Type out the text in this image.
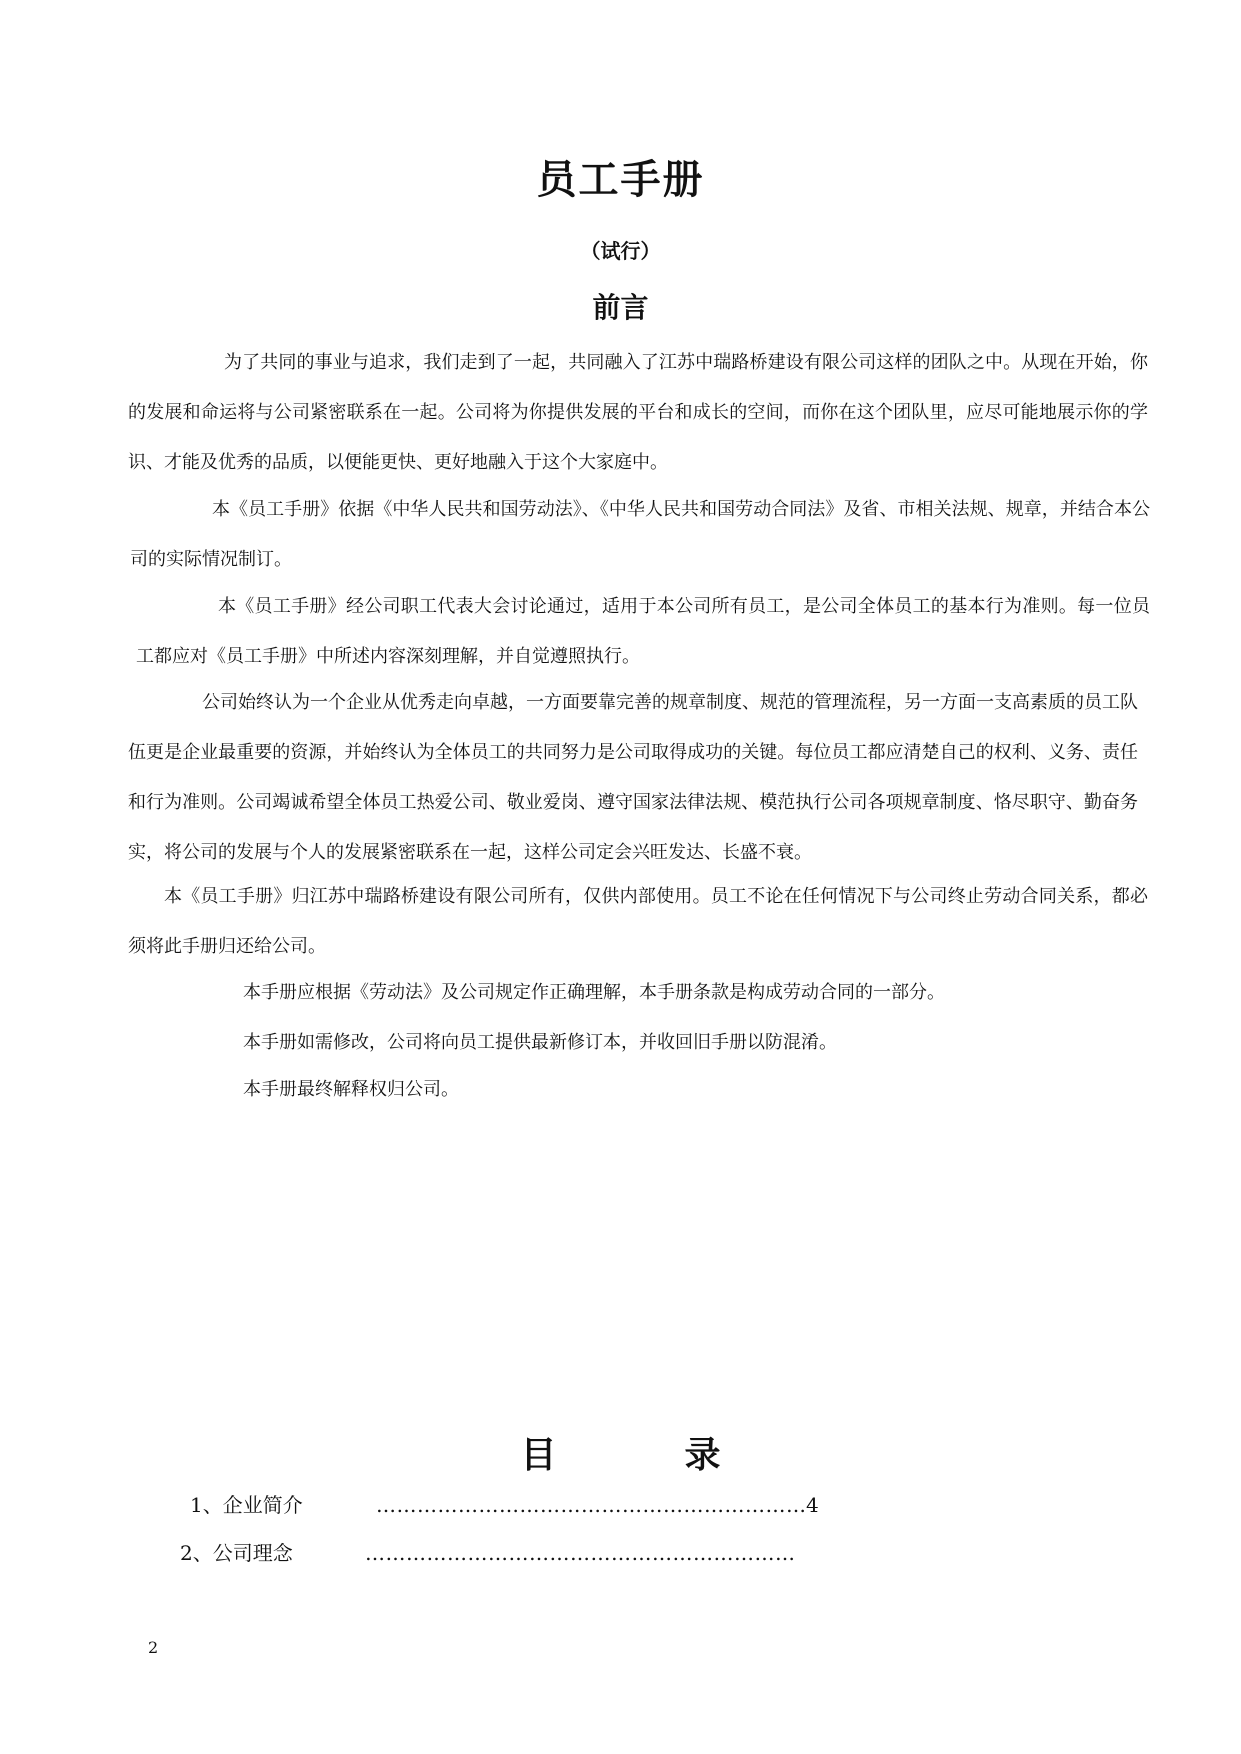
员工手册
（试行）
前言

为了共同的事业与追求，我们走到了一起，共同融入了江苏中瑞路桥建设有限公司这样的团队之中。从现在开始，你的发展和命运将与公司紧密联系在一起。公司将为你提供发展的平台和成长的空间，而你在这个团队里，应尽可能地展示你的学识、才能及优秀的品质，以便能更快、更好地融入于这个大家庭中。

本《员工手册》依据《中华人民共和国劳动法》、《中华人民共和国劳动合同法》及省、市相关法规、规章，并结合本公司的实际情况制订。

本《员工手册》经公司职工代表大会讨论通过，适用于本公司所有员工，是公司全体员工的基本行为准则。每一位员工都应对《员工手册》中所述内容深刻理解，并自觉遵照执行。

公司始终认为一个企业从优秀走向卓越，一方面要靠完善的规章制度、规范的管理流程，另一方面一支高素质的员工队伍更是企业最重要的资源，并始终认为全体员工的共同努力是公司取得成功的关键。每位员工都应清楚自己的权利、义务、责任和行为准则。公司竭诚希望全体员工热爱公司、敬业爱岗、遵守国家法律法规、模范执行公司各项规章制度、恪尽职守、勤奋务实，将公司的发展与个人的发展紧密联系在一起，这样公司定会兴旺发达、长盛不衰。

本《员工手册》归江苏中瑞路桥建设有限公司所有，仅供内部使用。员工不论在任何情况下与公司终止劳动合同关系，都必须将此手册归还给公司。

本手册应根据《劳动法》及公司规定作正确理解，本手册条款是构成劳动合同的一部分。

本手册如需修改，公司将向员工提供最新修订本，并收回旧手册以防混淆。

本手册最终解释权归公司。

目	录
1、企业简介	……………………………………………………… 4
2、公司理念	………………………………………………………
2
